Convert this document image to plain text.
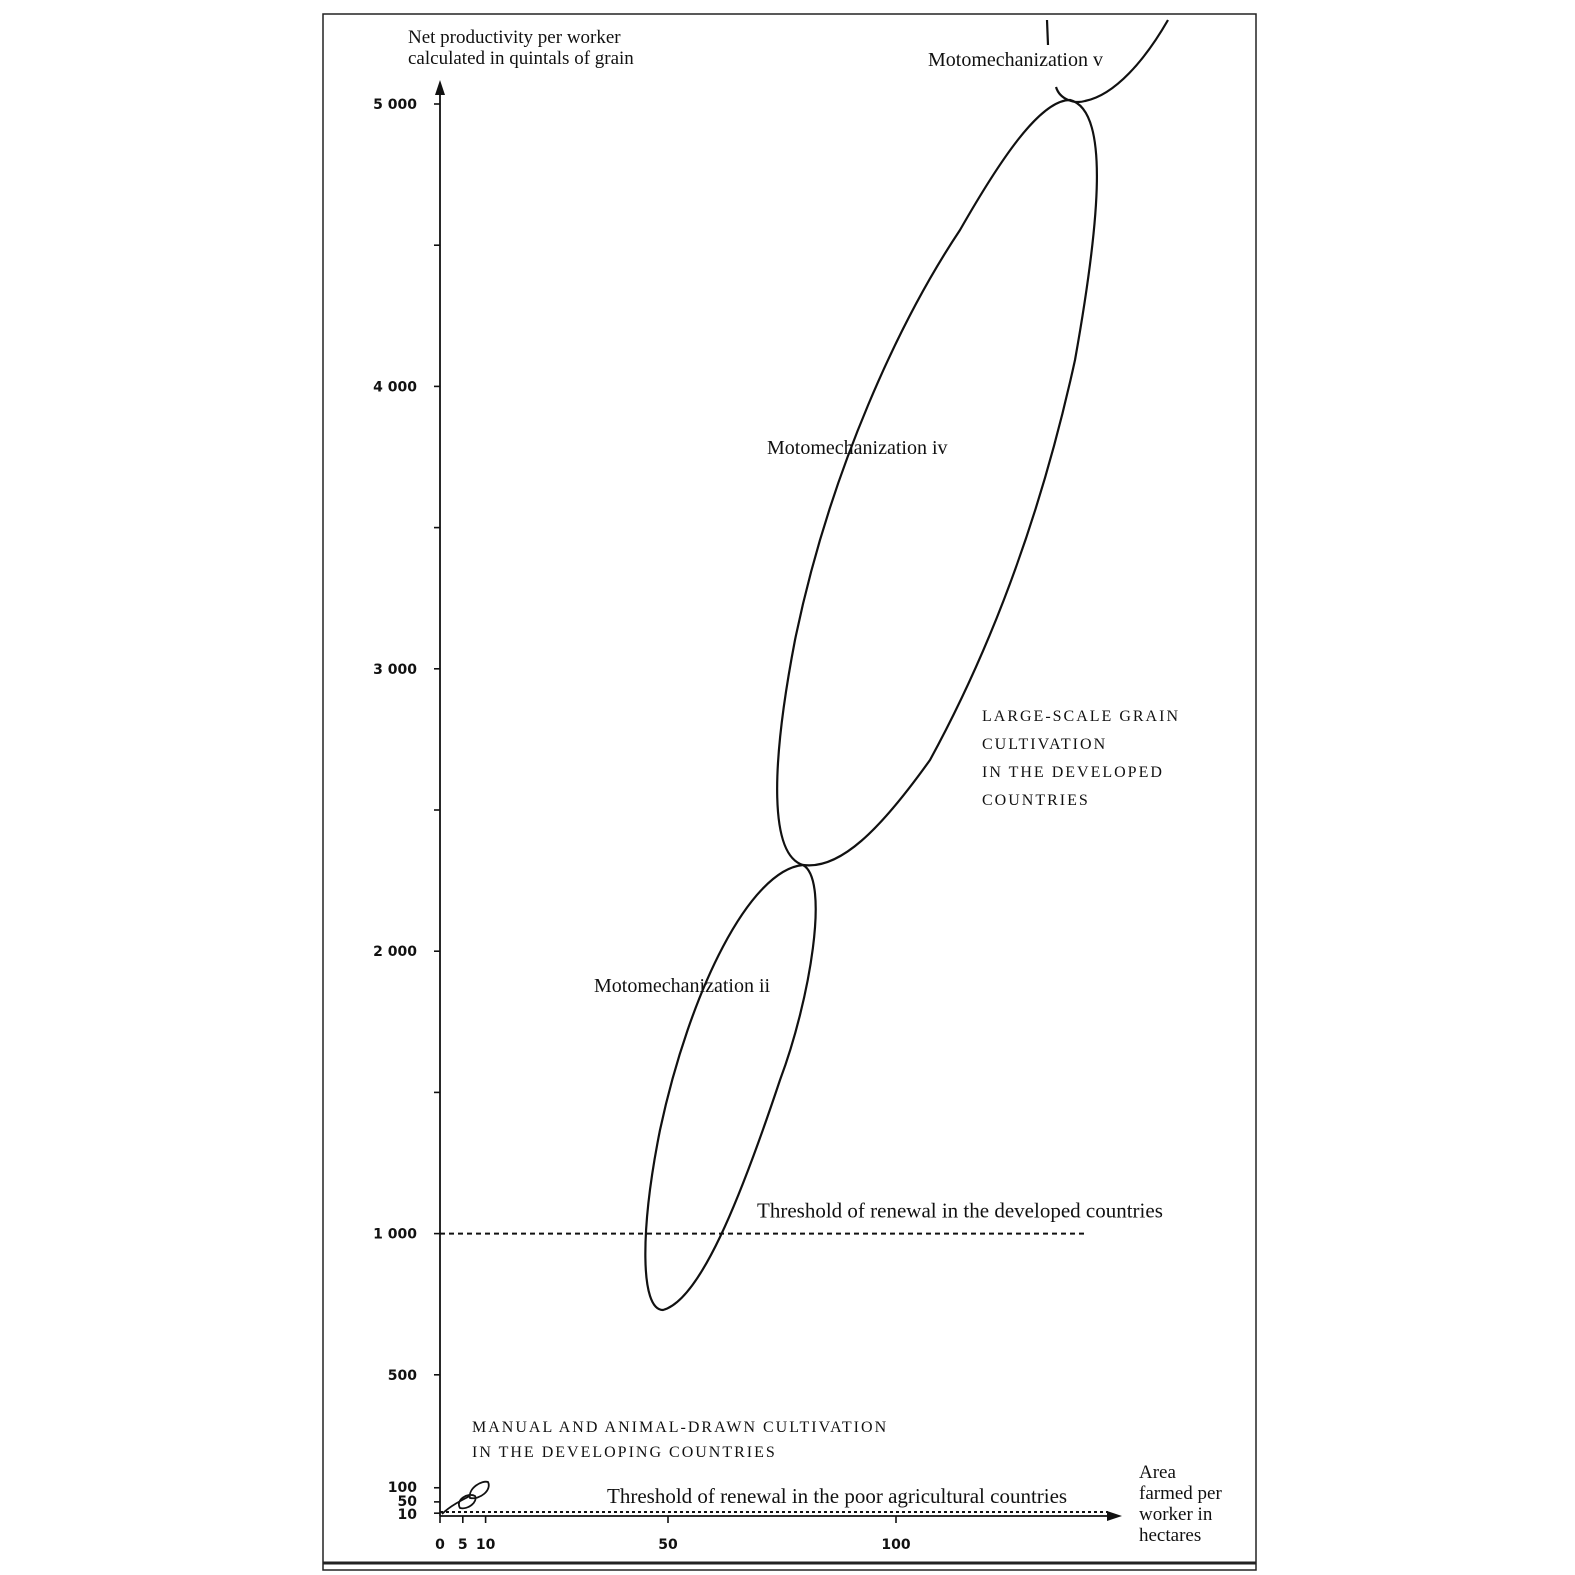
Net productivity per worker calculated in quintals of grain
Area farmed per worker in hectares
10
50
100
500
1 000
2 000
3 000
4 000
5 000
0 5 10	50	100
Threshold of renewal in the developed countries
Threshold of renewal in the poor agricultural countries
Motomechanization ii
Motomechanization iv
Motomechanization v
LARGE-SCALE GRAIN CULTIVATION IN THE DEVELOPED COUNTRIES
MANUAL AND ANIMAL-DRAWN CULTIVATION IN THE DEVELOPING COUNTRIES
